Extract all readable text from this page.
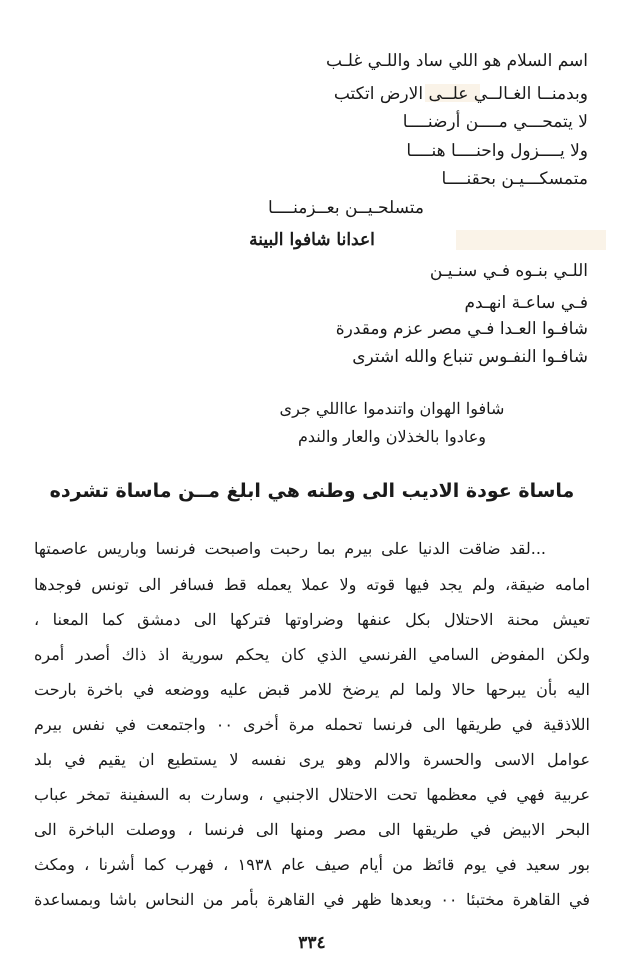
اسم السلام هو اللي ساد واللـي غلـب
وبدمنــا الغـالــي علــى الارض اتكتب
لا يتمحـــي مــــن أرضنــــا
ولا يــــزول واحنــــا هنــــا
متمسكـــيـن بحقنــــا
متسلحـيــن بعــزمنــــا
اعدانا شافوا البينة
اللـي بنـوه فـي سنـيـن
فـي ساعـة انهـدم
شافـوا العـدا فـي مصر عزم ومقدرة
شافـوا النفـوس تنباع والله اشترى
شافوا الهوان واتندموا عااللي جرى
وعادوا بالخذلان والعار والندم
ماساة عودة الاديب الى وطنه هي ابلغ مــن ماساة تشرده
...لقد ضاقت الدنيا على بيرم بما رحبت واصبحت فرنسا وباريس عاصمتها
امامه ضيقة، ولم يجد فيها قوته ولا عملا يعمله قط فسافر الى تونس فوجدها
تعيش محنة الاحتلال بكل عنفها وضراوتها فتركها الى دمشق كما المعنا ،
ولكن المفوض السامي الفرنسي الذي كان يحكم سورية اذ ذاك أصدر أمره
اليه بأن يبرحها حالا ولما لم يرضخ للامر قبض عليه ووضعه في باخرة بارحت
اللاذقية في طريقها الى فرنسا تحمله مرة أخرى ٠٠ واجتمعت في نفس بيرم
عوامل الاسى والحسرة والالم وهو يرى نفسه لا يستطيع ان يقيم في بلد
عربية فهي في معظمها تحت الاحتلال الاجنبي ، وسارت به السفينة تمخر عباب
البحر الابيض في طريقها الى مصر ومنها الى فرنسا ، ووصلت الباخرة الى
بور سعيد في يوم قائظ من أيام صيف عام ١٩٣٨ ، فهرب كما أشرنا ، ومكث
في القاهرة مختبئا ٠٠ وبعدها ظهر في القاهرة بأمر من النحاس باشا وبمساعدة
٣٣٤
